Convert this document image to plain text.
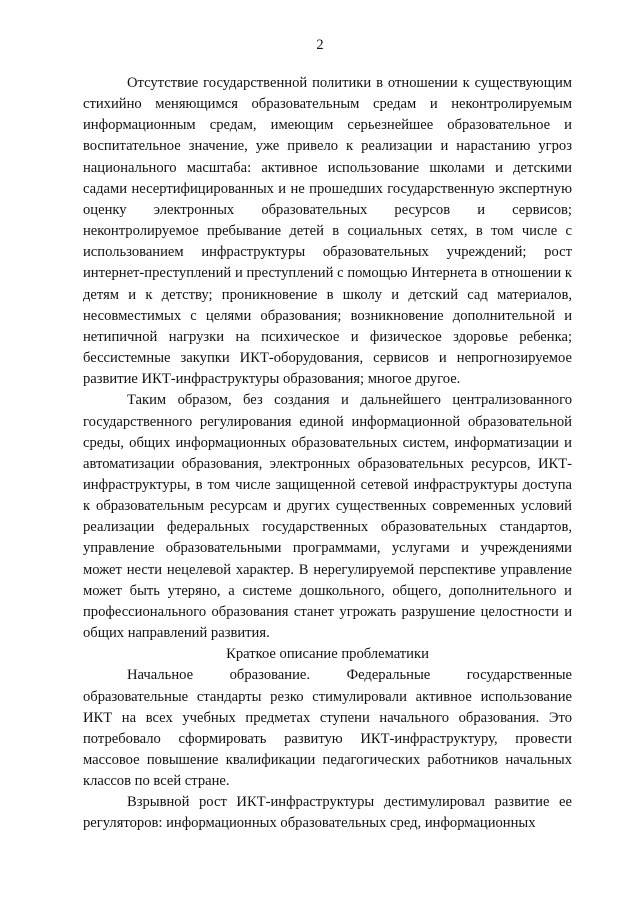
2

Отсутствие государственной политики в отношении к существующим стихийно меняющимся образовательным средам и неконтролируемым информационным средам, имеющим серьезнейшее образовательное и воспитательное значение, уже привело к реализации и нарастанию угроз национального масштаба: активное использование школами и детскими садами несертифицированных и не прошедших государственную экспертную оценку электронных образовательных ресурсов и сервисов; неконтролируемое пребывание детей в социальных сетях, в том числе с использованием инфраструктуры образовательных учреждений; рост интернет-преступлений и преступлений с помощью Интернета в отношении к детям и к детству; проникновение в школу и детский сад материалов, несовместимых с целями образования; возникновение дополнительной и нетипичной нагрузки на психическое и физическое здоровье ребенка; бессистемные закупки ИКТ-оборудования, сервисов и непрогнозируемое развитие ИКТ-инфраструктуры образования; многое другое.

Таким образом, без создания и дальнейшего централизованного государственного регулирования единой информационной образовательной среды, общих информационных образовательных систем, информатизации и автоматизации образования, электронных образовательных ресурсов, ИКТ-инфраструктуры, в том числе защищенной сетевой инфраструктуры доступа к образовательным ресурсам и других существенных современных условий реализации федеральных государственных образовательных стандартов, управление образовательными программами, услугами и учреждениями может нести нецелевой характер. В нерегулируемой перспективе управление может быть утеряно, а системе дошкольного, общего, дополнительного и профессионального образования станет угрожать разрушение целостности и общих направлений развития.

Краткое описание проблематики

Начальное образование. Федеральные государственные образовательные стандарты резко стимулировали активное использование ИКТ на всех учебных предметах ступени начального образования. Это потребовало сформировать развитую ИКТ-инфраструктуру, провести массовое повышение квалификации педагогических работников начальных классов по всей стране.

Взрывной рост ИКТ-инфраструктуры дестимулировал развитие ее регуляторов: информационных образовательных сред, информационных
